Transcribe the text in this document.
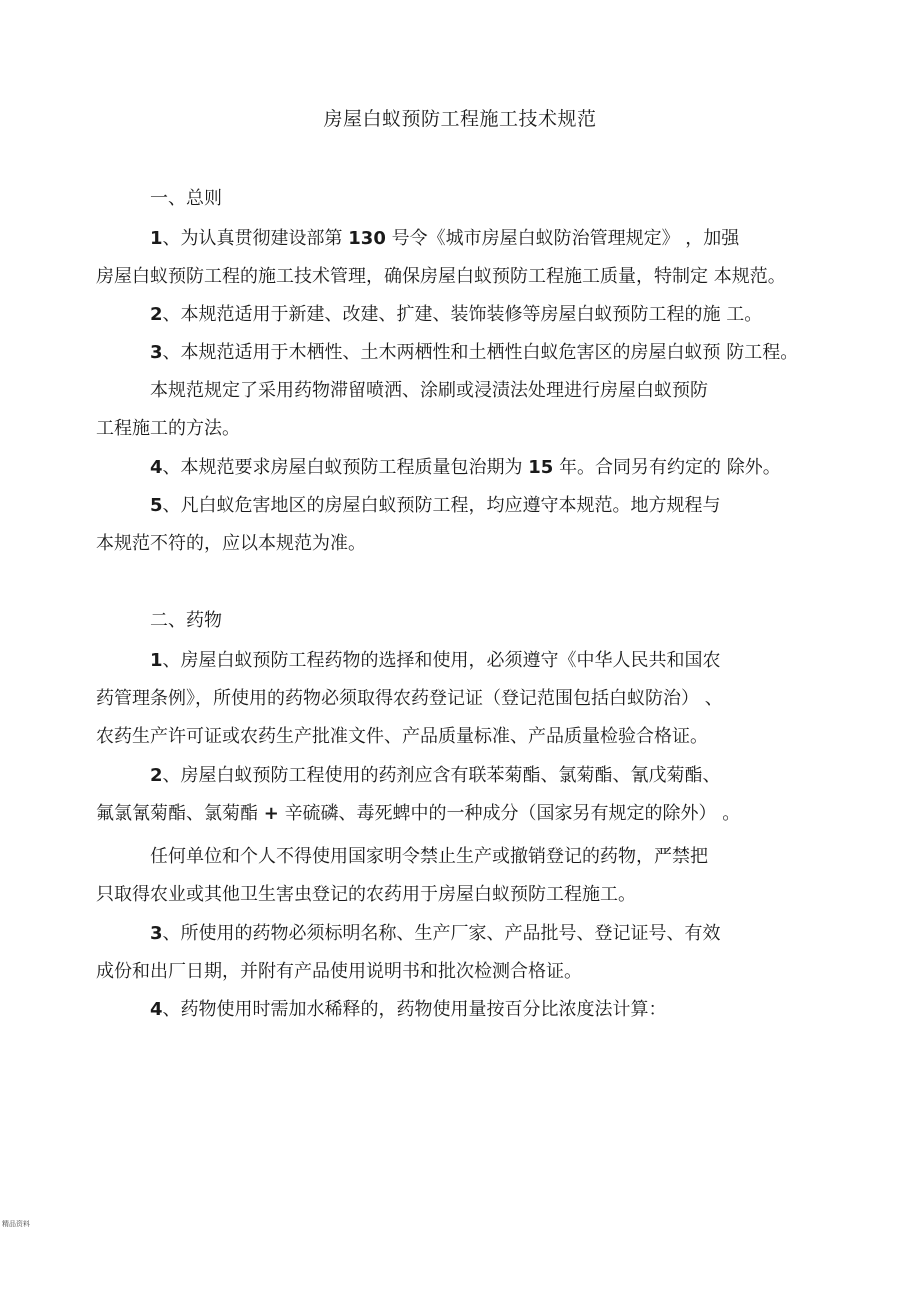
房屋白蚁预防工程施工技术规范
一、总则
1、为认真贯彻建设部第 130 号令《城市房屋白蚁防治管理规定》 ，加强
房屋白蚁预防工程的施工技术管理，确保房屋白蚁预防工程施工质量，特制定 本规范。
2、本规范适用于新建、改建、扩建、装饰装修等房屋白蚁预防工程的施 工。
3、本规范适用于木栖性、土木两栖性和土栖性白蚁危害区的房屋白蚁预 防工程。
本规范规定了采用药物滞留喷洒、涂刷或浸渍法处理进行房屋白蚁预防
工程施工的方法。
4、本规范要求房屋白蚁预防工程质量包治期为 15 年。合同另有约定的 除外。
5、凡白蚁危害地区的房屋白蚁预防工程，均应遵守本规范。地方规程与
本规范不符的，应以本规范为准。
二、药物
1、房屋白蚁预防工程药物的选择和使用，必须遵守《中华人民共和国农
药管理条例》，所使用的药物必须取得农药登记证（登记范围包括白蚁防治） 、
农药生产许可证或农药生产批准文件、产品质量标准、产品质量检验合格证。
2、房屋白蚁预防工程使用的药剂应含有联苯菊酯、氯菊酯、氰戊菊酯、
氟氯氰菊酯、氯菊酯 + 辛硫磷、毒死蜱中的一种成分（国家另有规定的除外） 。
任何单位和个人不得使用国家明令禁止生产或撤销登记的药物，严禁把
只取得农业或其他卫生害虫登记的农药用于房屋白蚁预防工程施工。
3、所使用的药物必须标明名称、生产厂家、产品批号、登记证号、有效
成份和出厂日期，并附有产品使用说明书和批次检测合格证。
4、药物使用时需加水稀释的，药物使用量按百分比浓度法计算：
精品资料
